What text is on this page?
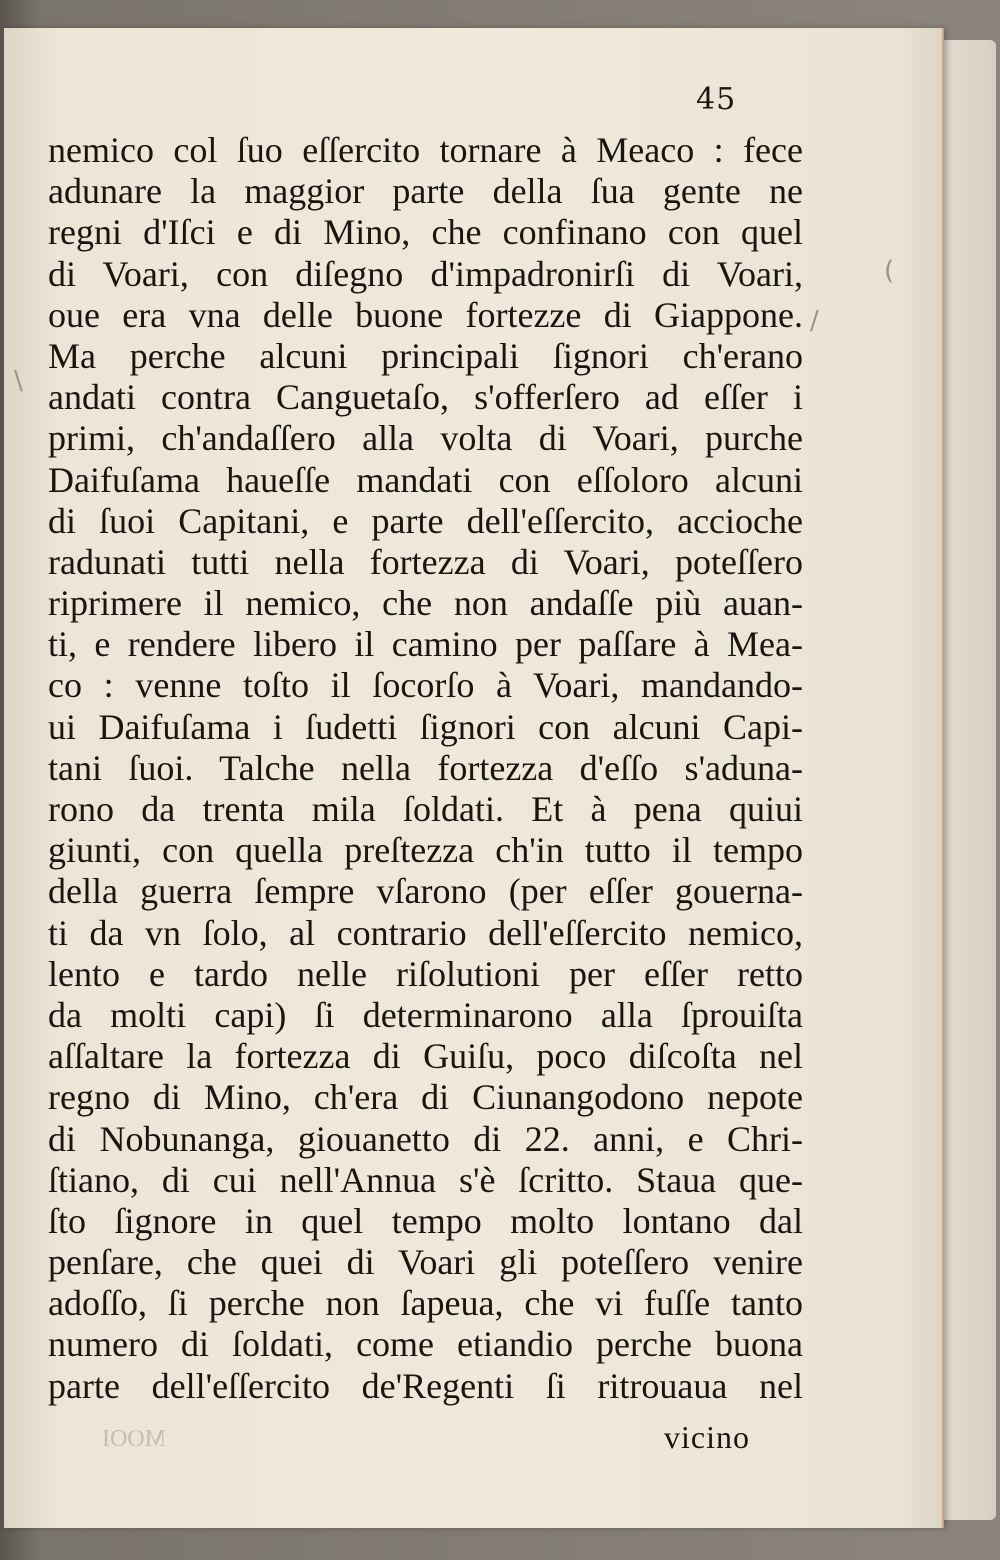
45
nemico col ſuo eſſercito tornare à Meaco : fece
adunare la maggior parte della ſua gente ne
regni d'Iſci e di Mino, che confinano con quel
di Voari, con diſegno d'impadronirſi di Voari,
oue era vna delle buone fortezze di Giappone.
Ma perche alcuni principali ſignori ch'erano
andati contra Canguetaſo, s'offerſero ad eſſer i
primi, ch'andaſſero alla volta di Voari, purche
Daifuſama haueſſe mandati con eſſoloro alcuni
di ſuoi Capitani, e parte dell'eſſercito, accioche
radunati tutti nella fortezza di Voari, poteſſero
riprimere il nemico, che non andaſſe più auan-
ti, e rendere libero il camino per paſſare à Mea-
co : venne toſto il ſocorſo à Voari, mandando-
ui Daifuſama i ſudetti ſignori con alcuni Capi-
tani ſuoi. Talche nella fortezza d'eſſo s'aduna-
rono da trenta mila ſoldati. Et à pena quiui
giunti, con quella preſtezza ch'in tutto il tempo
della guerra ſempre vſarono (per eſſer gouerna-
ti da vn ſolo, al contrario dell'eſſercito nemico,
lento e tardo nelle riſolutioni per eſſer retto
da molti capi) ſi determinarono alla ſprouiſta
aſſaltare la fortezza di Guiſu, poco diſcoſta nel
regno di Mino, ch'era di Ciunangodono nepote
di Nobunanga, giouanetto di 22. anni, e Chri-
ſtiano, di cui nell'Annua s'è ſcritto. Staua que-
ſto ſignore in quel tempo molto lontano dal
penſare, che quei di Voari gli poteſſero venire
adoſſo, ſi perche non ſapeua, che vi fuſſe tanto
numero di ſoldati, come etiandio perche buona
parte dell'eſſercito de'Regenti ſi ritrouaua nel
MOOI	vicino
/
(
\
